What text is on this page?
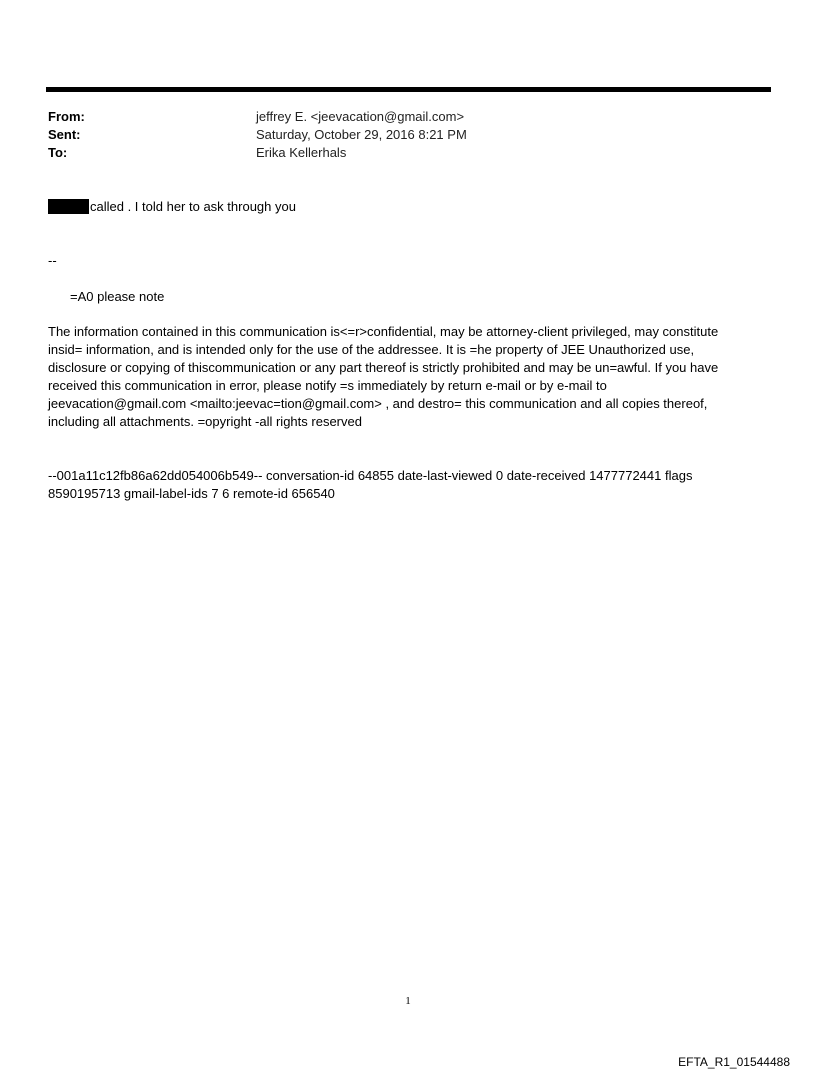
From:	jeffrey E. <jeevacation@gmail.com>
Sent:	Saturday, October 29, 2016 8:21 PM
To:	Erika Kellerhals
called . I told her to ask through you
--
=A0 please note
The information contained in this communication is<=r>confidential, may be attorney-client privileged, may constitute
insid= information, and is intended only for the use of the addressee. It is =he property of JEE Unauthorized use,
disclosure or copying of thiscommunication or any part thereof is strictly prohibited and may be un=awful. If you have
received this communication in error, please notify =s immediately by return e-mail or by e-mail to
jeevacation@gmail.com <mailto:jeevac=tion@gmail.com> , and destro= this communication and all copies thereof,
including all attachments. =opyright -all rights reserved
--001a11c12fb86a62dd054006b549-- conversation-id 64855 date-last-viewed 0 date-received 1477772441 flags
8590195713 gmail-label-ids 7 6 remote-id 656540
1
EFTA_R1_01544488
